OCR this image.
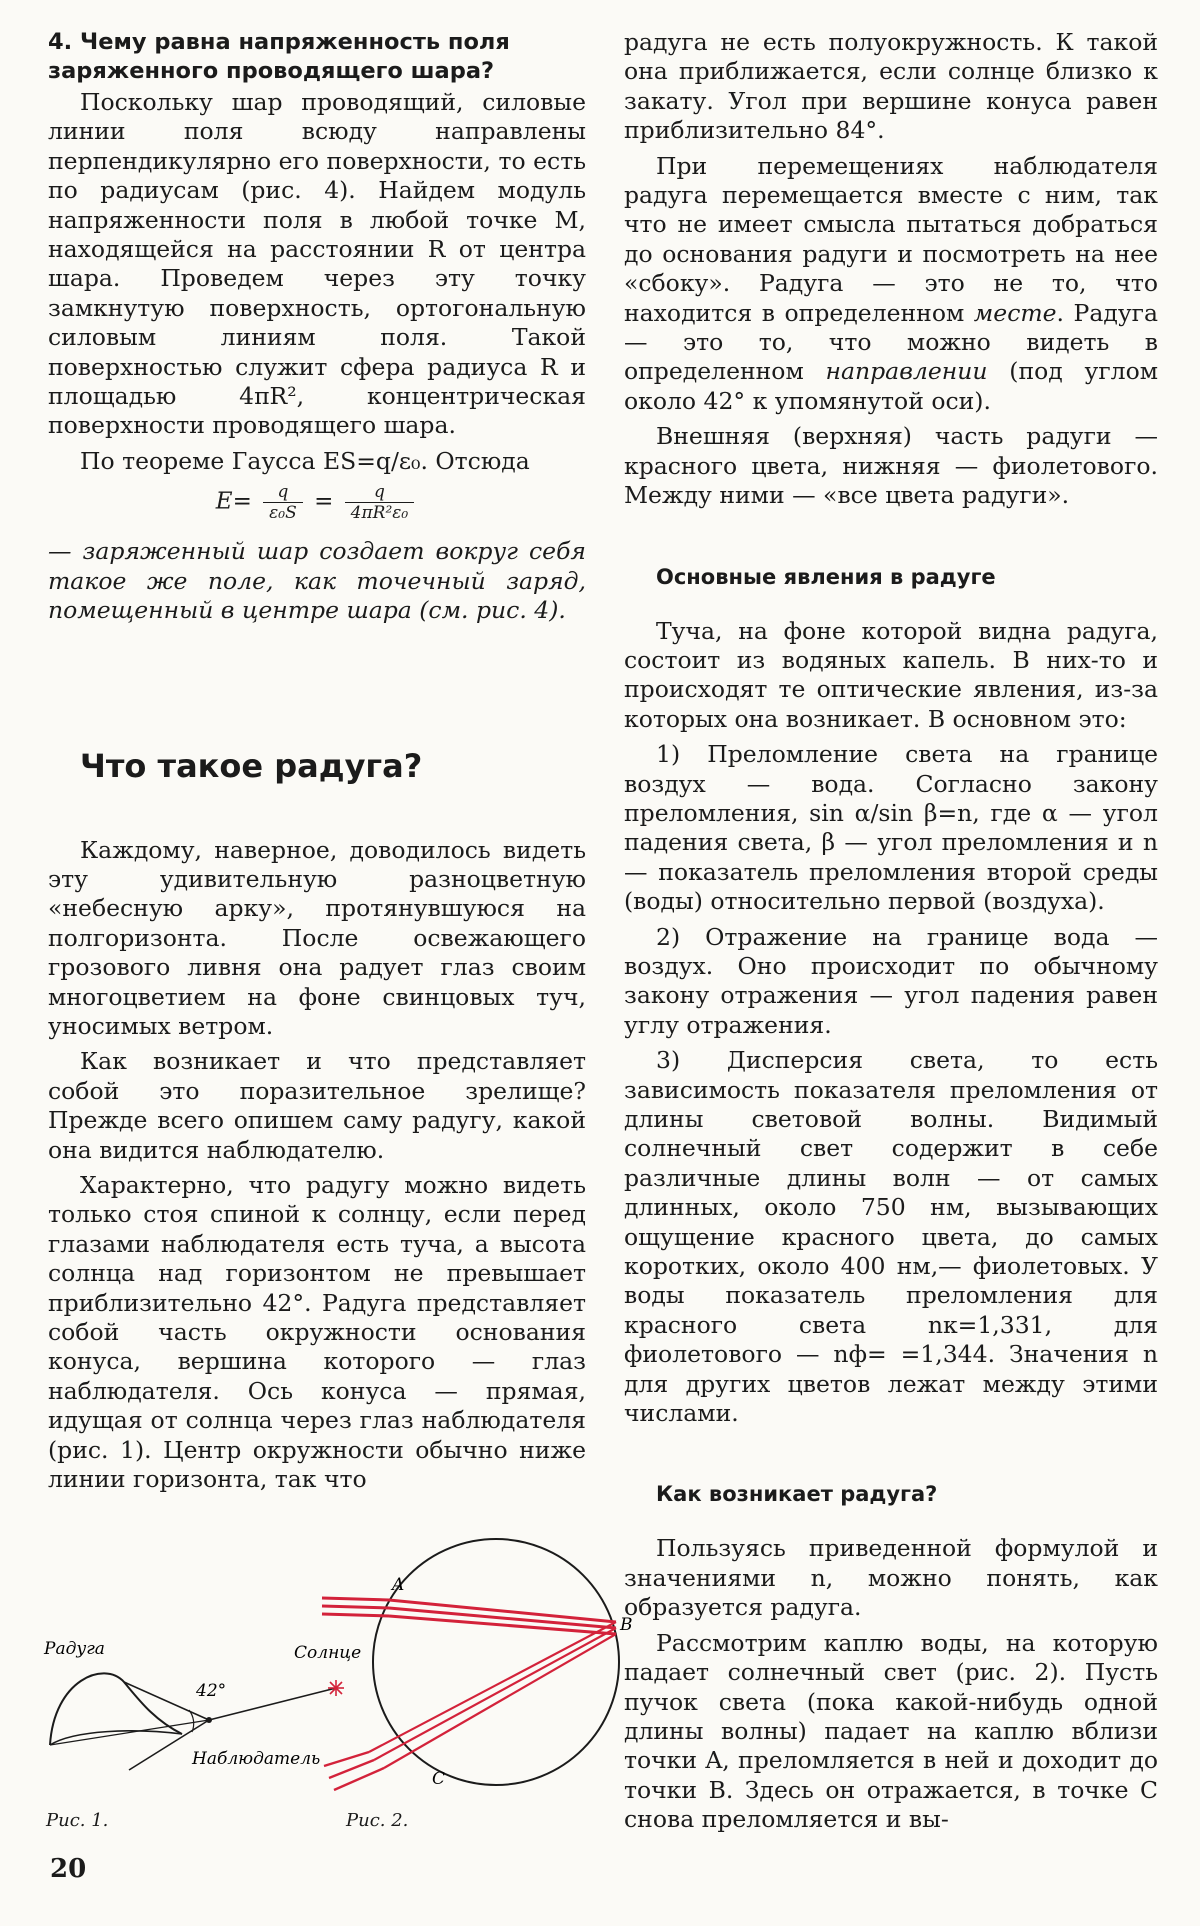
4. Чему равна напряженность поля заряженного проводящего шара?

Поскольку шар проводящий, силовые линии поля всюду направлены перпендикулярно его поверхности, то есть по радиусам (рис. 4). Найдем модуль напряженности поля в любой точке M, находящейся на расстоянии R от центра шара. Проведем через эту точку замкнутую поверхность, ортогональную силовым линиям поля. Такой поверхностью служит сфера радиуса R и площадью 4πR², концентрическая поверхности проводящего шара.

По теореме Гаусса ES=q/ε₀. Отсюда

$E= \frac{q}{\text{ε₀S}} = \frac{q}{\text{4πR²ε₀}}$

— заряженный шар создает вокруг себя такое же поле, как точечный заряд, помещенный в центре шара (см. рис. 4).

Что такое радуга?

Каждому, наверное, доводилось видеть эту удивительную разноцветную «небесную арку», протянувшуюся на полгоризонта. После освежающего грозового ливня она радует глаз своим многоцветием на фоне свинцовых туч, уносимых ветром.

Как возникает и что представляет собой это поразительное зрелище? Прежде всего опишем саму радугу, какой она видится наблюдателю.

Характерно, что радугу можно видеть только стоя спиной к солнцу, если перед глазами наблюдателя есть туча, а высота солнца над горизонтом не превышает приблизительно 42°. Радуга представляет собой часть окружности основания конуса, вершина которого — глаз наблюдателя. Ось конуса — прямая, идущая от солнца через глаз наблюдателя (рис. 1). Центр окружности обычно ниже линии горизонта, так что

радуга не есть полуокружность. К такой она приближается, если солнце близко к закату. Угол при вершине конуса равен приблизительно 84°.

При перемещениях наблюдателя радуга перемещается вместе с ним, так что не имеет смысла пытаться добраться до основания радуги и посмотреть на нее «сбоку». Радуга — это не то, что находится в определенном месте. Радуга — это то, что можно видеть в определенном направлении (под углом около 42° к упомянутой оси).

Внешняя (верхняя) часть радуги — красного цвета, нижняя — фиолетового. Между ними — «все цвета радуги».

Основные явления в радуге

Туча, на фоне которой видна радуга, состоит из водяных капель. В них-то и происходят те оптические явления, из-за которых она возникает. В основном это:

1) Преломление света на границе воздух — вода. Согласно закону преломления, sin α/sin β=n, где α — угол падения света, β — угол преломления и n — показатель преломления второй среды (воды) относительно первой (воздуха).

2) Отражение на границе вода — воздух. Оно происходит по обычному закону отражения — угол падения равен углу отражения.

3) Дисперсия света, то есть зависимость показателя преломления от длины световой волны. Видимый солнечный свет содержит в себе различные длины волн — от самых длинных, около 750 нм, вызывающих ощущение красного цвета, до самых коротких, около 400 нм,— фиолетовых. У воды показатель преломления для красного света nк=1,331, для фиолетового — nф= =1,344. Значения n для других цветов лежат между этими числами.

Как возникает радуга?

Пользуясь приведенной формулой и значениями n, можно понять, как образуется радуга.

Рассмотрим каплю воды, на которую падает солнечный свет (рис. 2). Пусть пучок света (пока какой-нибудь одной длины волны) падает на каплю вблизи точки A, преломляется в ней и доходит до точки B. Здесь он отражается, в точке C снова преломляется и вы-

Радуга
42°
Солнце
Наблюдатель
A
B
C
Рис. 1.	Рис. 2.
20
